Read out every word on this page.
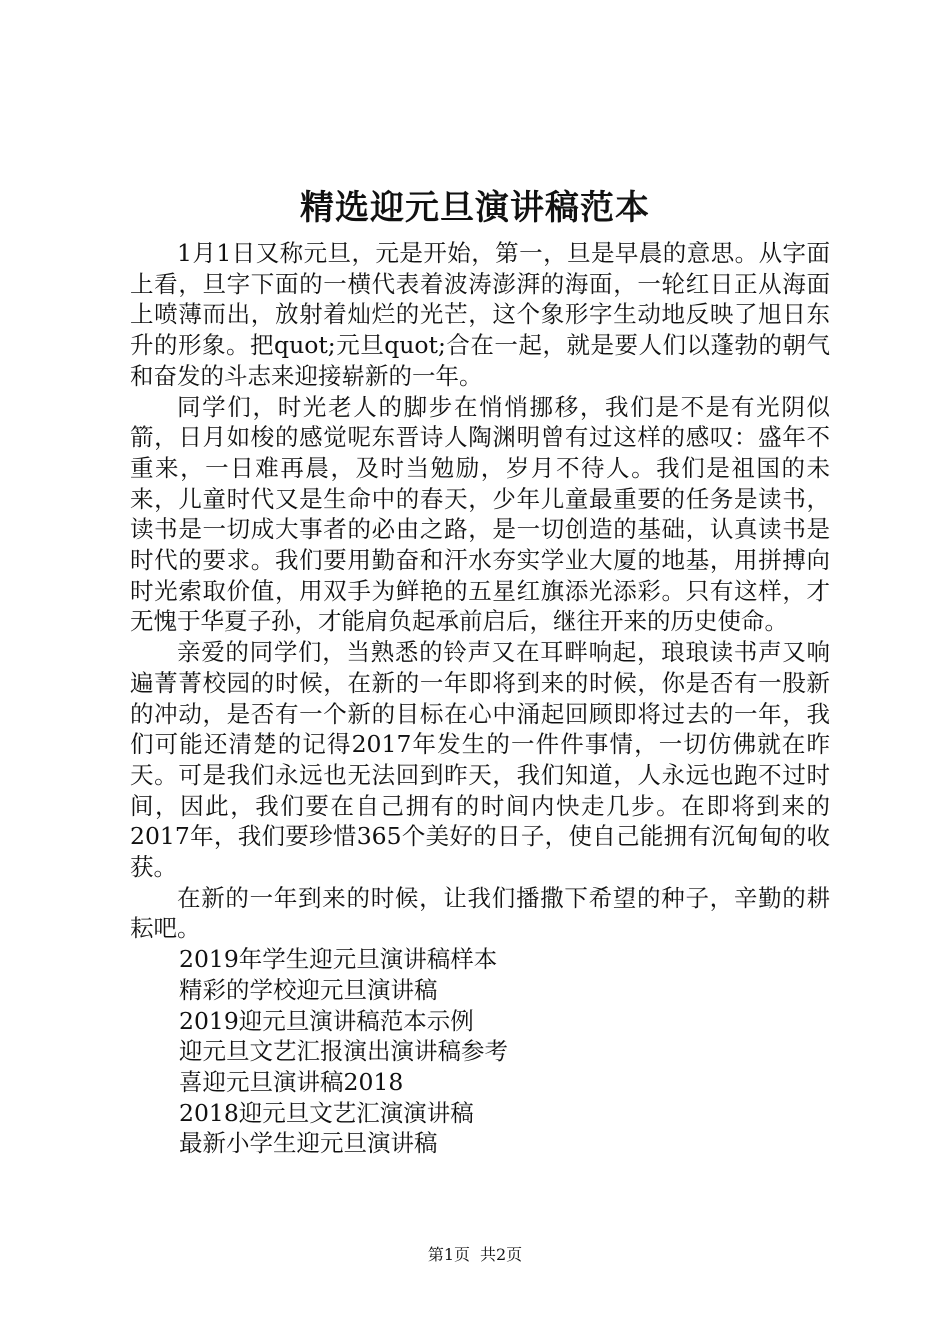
精选迎元旦演讲稿范本

1月1日又称元旦，元是开始，第一，旦是早晨的意思。从字面上看，旦字下面的一横代表着波涛澎湃的海面，一轮红日正从海面上喷薄而出，放射着灿烂的光芒，这个象形字生动地反映了旭日东升的形象。把quot;元旦quot;合在一起，就是要人们以蓬勃的朝气和奋发的斗志来迎接崭新的一年。

同学们，时光老人的脚步在悄悄挪移，我们是不是有光阴似箭，日月如梭的感觉呢东晋诗人陶渊明曾有过这样的感叹：盛年不重来，一日难再晨，及时当勉励，岁月不待人。我们是祖国的未来，儿童时代又是生命中的春天，少年儿童最重要的任务是读书，读书是一切成大事者的必由之路，是一切创造的基础，认真读书是时代的要求。我们要用勤奋和汗水夯实学业大厦的地基，用拼搏向时光索取价值，用双手为鲜艳的五星红旗添光添彩。只有这样，才无愧于华夏子孙，才能肩负起承前启后，继往开来的历史使命。

亲爱的同学们，当熟悉的铃声又在耳畔响起，琅琅读书声又响遍菁菁校园的时候，在新的一年即将到来的时候，你是否有一股新的冲动，是否有一个新的目标在心中涌起回顾即将过去的一年，我们可能还清楚的记得2017年发生的一件件事情，一切仿佛就在昨天。可是我们永远也无法回到昨天，我们知道，人永远也跑不过时间，因此，我们要在自己拥有的时间内快走几步。在即将到来的2017年，我们要珍惜365个美好的日子，使自己能拥有沉甸甸的收获。

在新的一年到来的时候，让我们播撒下希望的种子，辛勤的耕耘吧。

2019年学生迎元旦演讲稿样本
精彩的学校迎元旦演讲稿
2019迎元旦演讲稿范本示例
迎元旦文艺汇报演出演讲稿参考
喜迎元旦演讲稿2018
2018迎元旦文艺汇演演讲稿
最新小学生迎元旦演讲稿
第1页 共2页
